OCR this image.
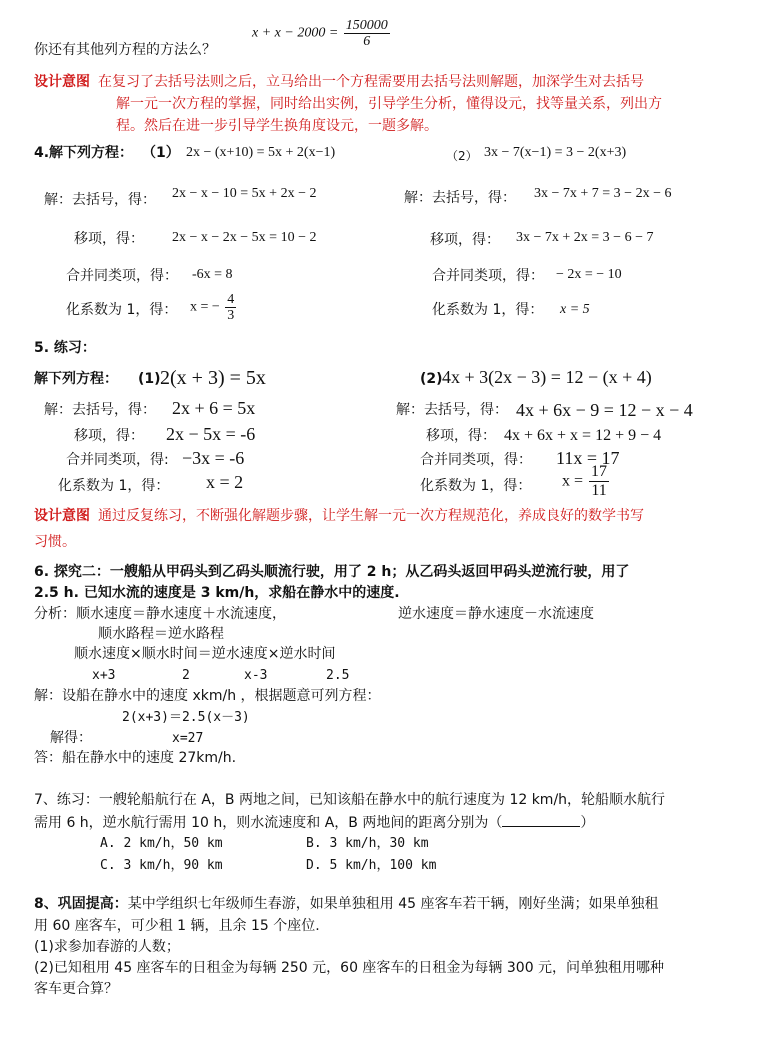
你还有其他列方程的方法么？
$x + x - 2000 = \frac{150000}{6}$
设计意图 在复习了去括号法则之后，立马给出一个方程需要用去括号法则解题，加深学生对去括号
解一元一次方程的掌握，同时给出实例，引导学生分析，懂得设元，找等量关系，列出方
程。然后在进一步引导学生换角度设元，一题多解。
4.解下列方程： （1） 2x − (x+10) = 5x + 2(x−1)	（2） 3x − 7(x−1) = 3 − 2(x+3)
解：去括号，得： 2x − x − 10 = 5x + 2x − 2
移项，得： 2x − x − 2x − 5x = 10 − 2
合并同类项，得： -6x = 8
化系数为 1，得： x = − $\frac{4}{3}$
解：去括号，得： 3x − 7x + 7 = 3 − 2x − 6
移项，得： 3x − 7x + 2x = 3 − 6 − 7
合并同类项，得： − 2x = − 10
化系数为 1，得： x = 5
5. 练习：
解下列方程： (1) 2(x + 3) = 5x	(2) 4x + 3(2x − 3) = 12 − (x + 4)
解：去括号，得： 2x + 6 = 5x
移项，得： 2x − 5x = -6
合并同类项，得: −3x = -6
化系数为 1，得： x = 2
解：去括号，得： 4x + 6x − 9 = 12 − x − 4
移项，得： 4x + 6x + x = 12 + 9 − 4
合并同类项，得： 11x = 17
化系数为 1，得： $x = \frac{17}{11}$
设计意图 通过反复练习，不断强化解题步骤，让学生解一元一次方程规范化，养成良好的数学书写
习惯。
6. 探究二：一艘船从甲码头到乙码头顺流行驶，用了 2 h；从乙码头返回甲码头逆流行驶，用了
2.5 h. 已知水流的速度是 3 km/h，求船在静水中的速度.
分析：顺水速度＝静水速度＋水流速度，	逆水速度＝静水速度－水流速度
顺水路程＝逆水路程
顺水速度×顺水时间＝逆水速度×逆水时间
x+3	2	x-3	2.5
解：设船在静水中的速度 xkm/h ，根据题意可列方程：
2(x+3)＝2.5(x－3)
解得：	x=27
答：船在静水中的速度 27km/h.
7、练习：一艘轮船航行在 A，B 两地之间，已知该船在静水中的航行速度为 12 km/h，轮船顺水航行
需用 6 h，逆水航行需用 10 h，则水流速度和 A，B 两地间的距离分别为（	）
A. 2 km/h，50 km	B. 3 km/h，30 km
C. 3 km/h，90 km	D. 5 km/h，100 km
8、巩固提高：某中学组织七年级师生春游，如果单独租用 45 座客车若干辆，刚好坐满；如果单独租
用 60 座客车，可少租 1 辆，且余 15 个座位.
(1)求参加春游的人数；
(2)已知租用 45 座客车的日租金为每辆 250 元，60 座客车的日租金为每辆 300 元，问单独租用哪种
客车更合算？
